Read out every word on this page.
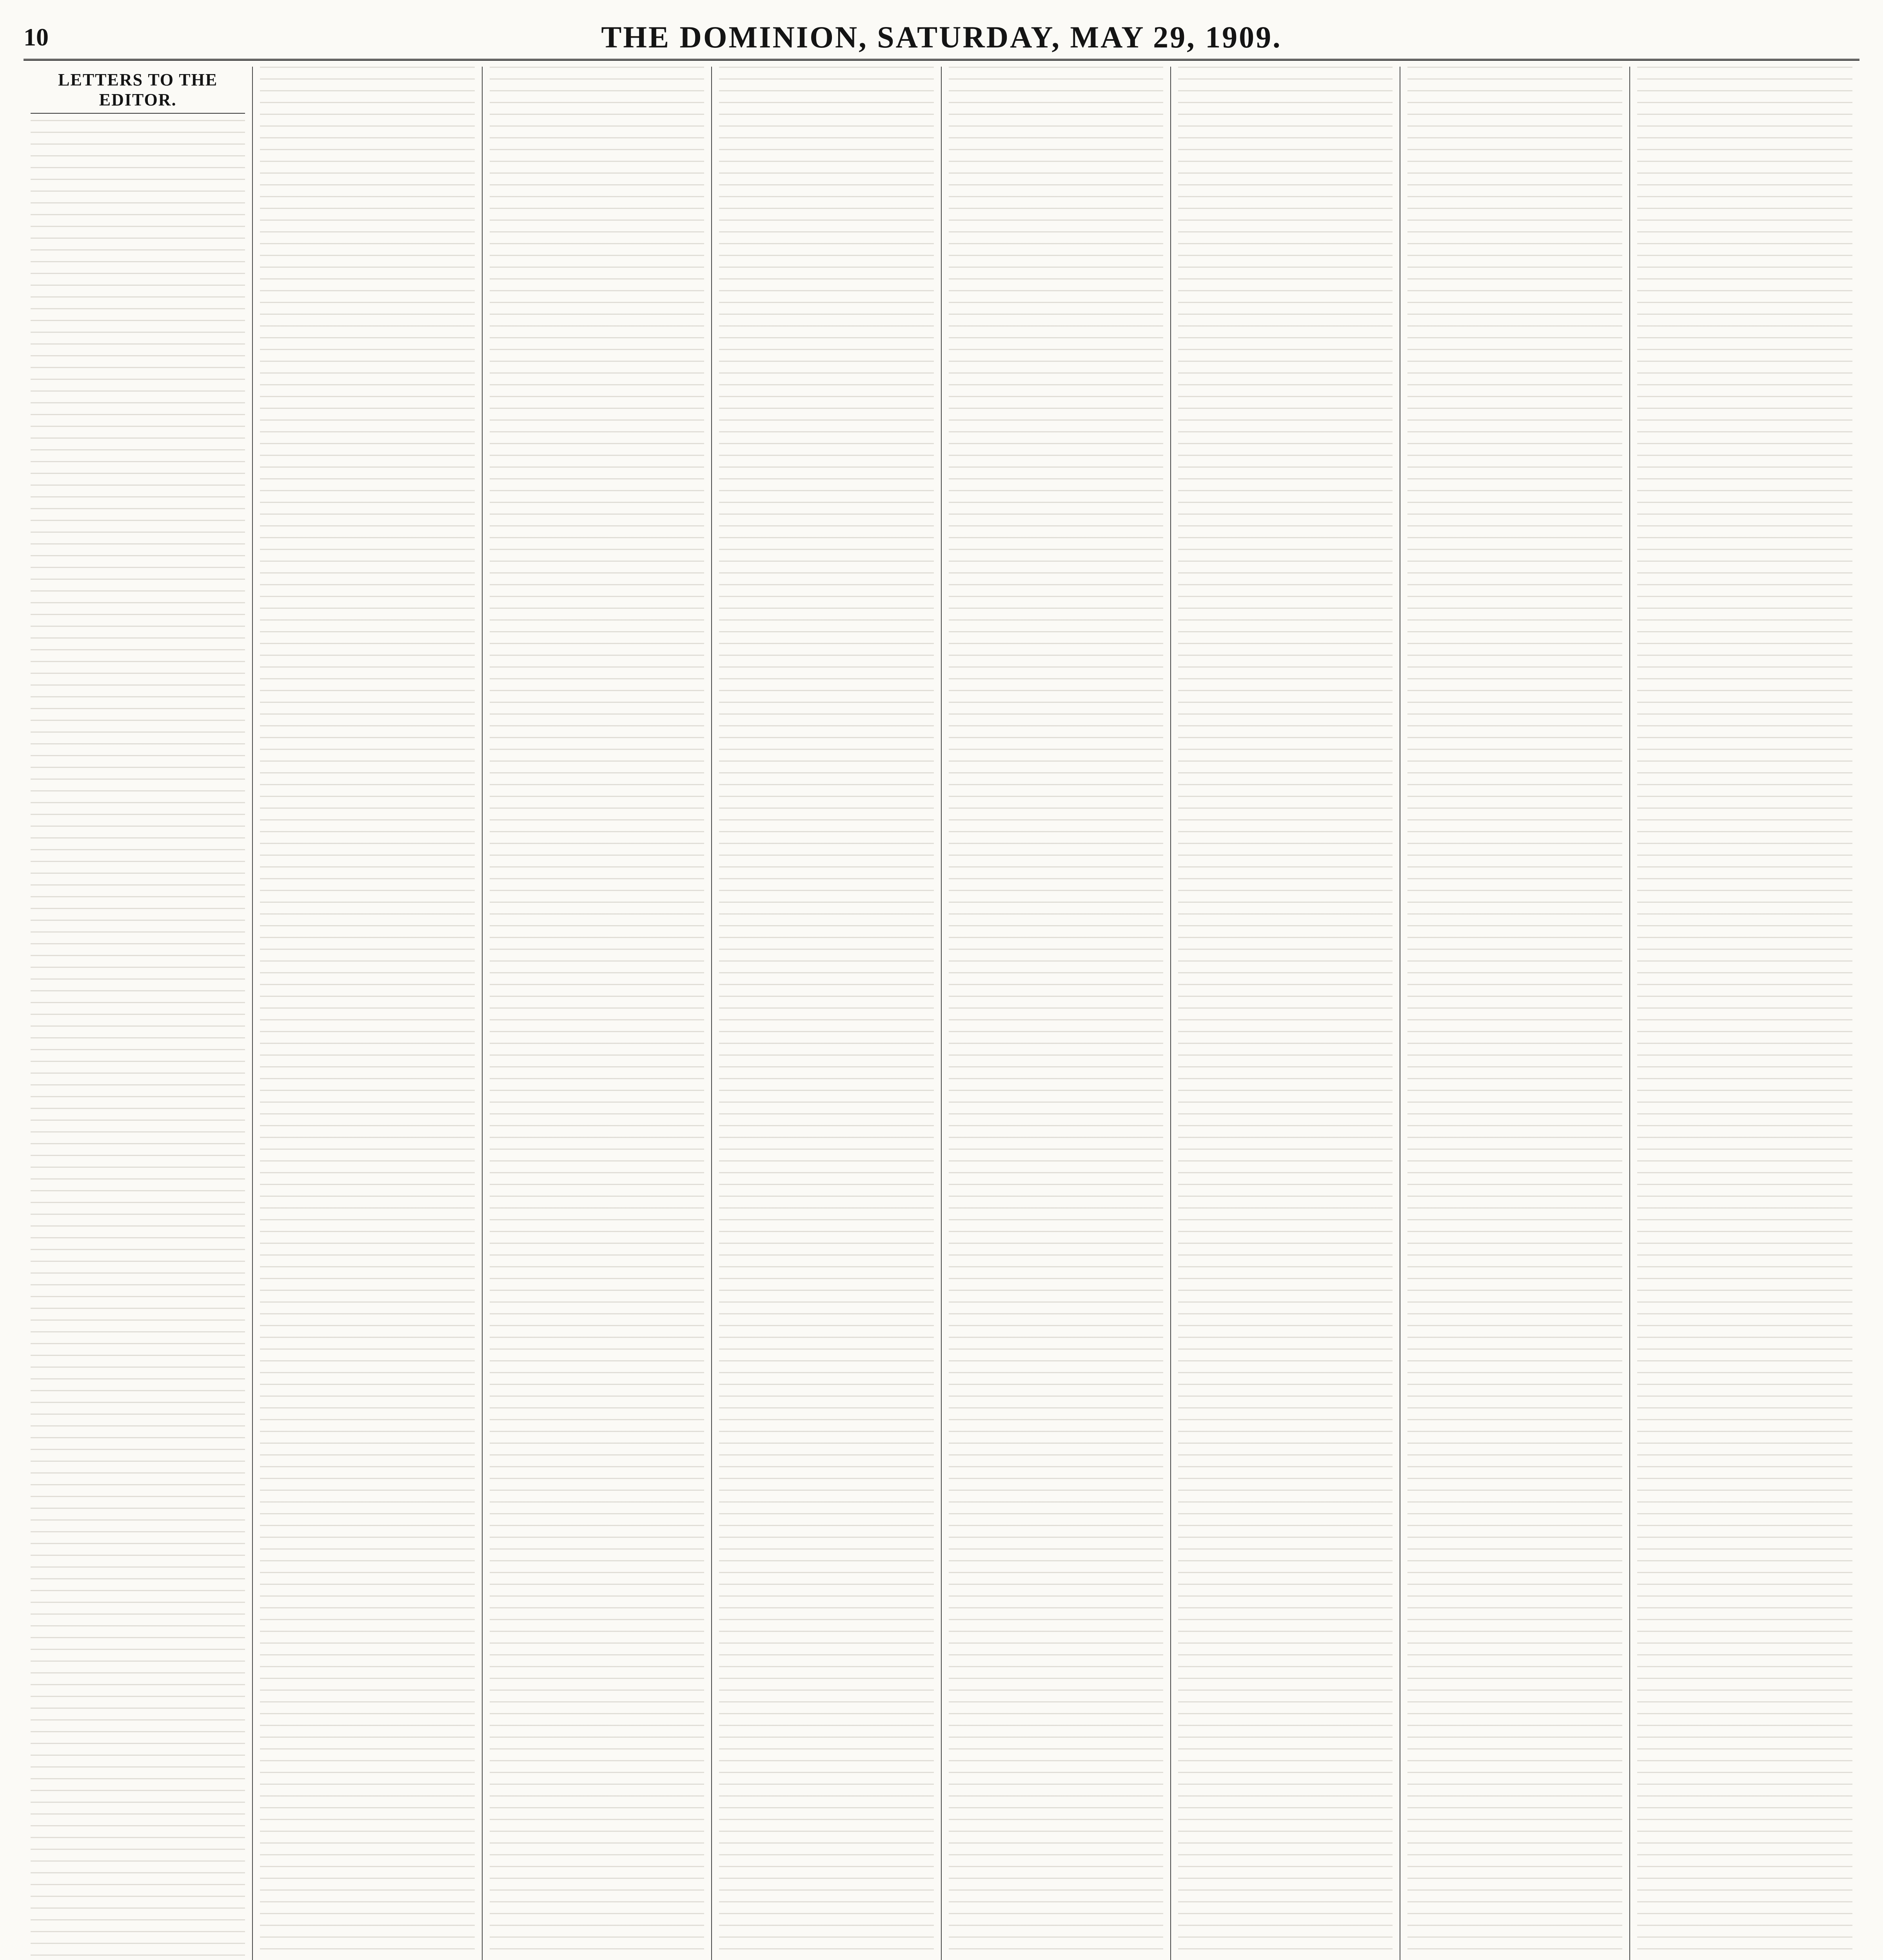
10	THE DOMINION, SATURDAY, MAY 29, 1909.
LETTERS TO THE EDITOR.
